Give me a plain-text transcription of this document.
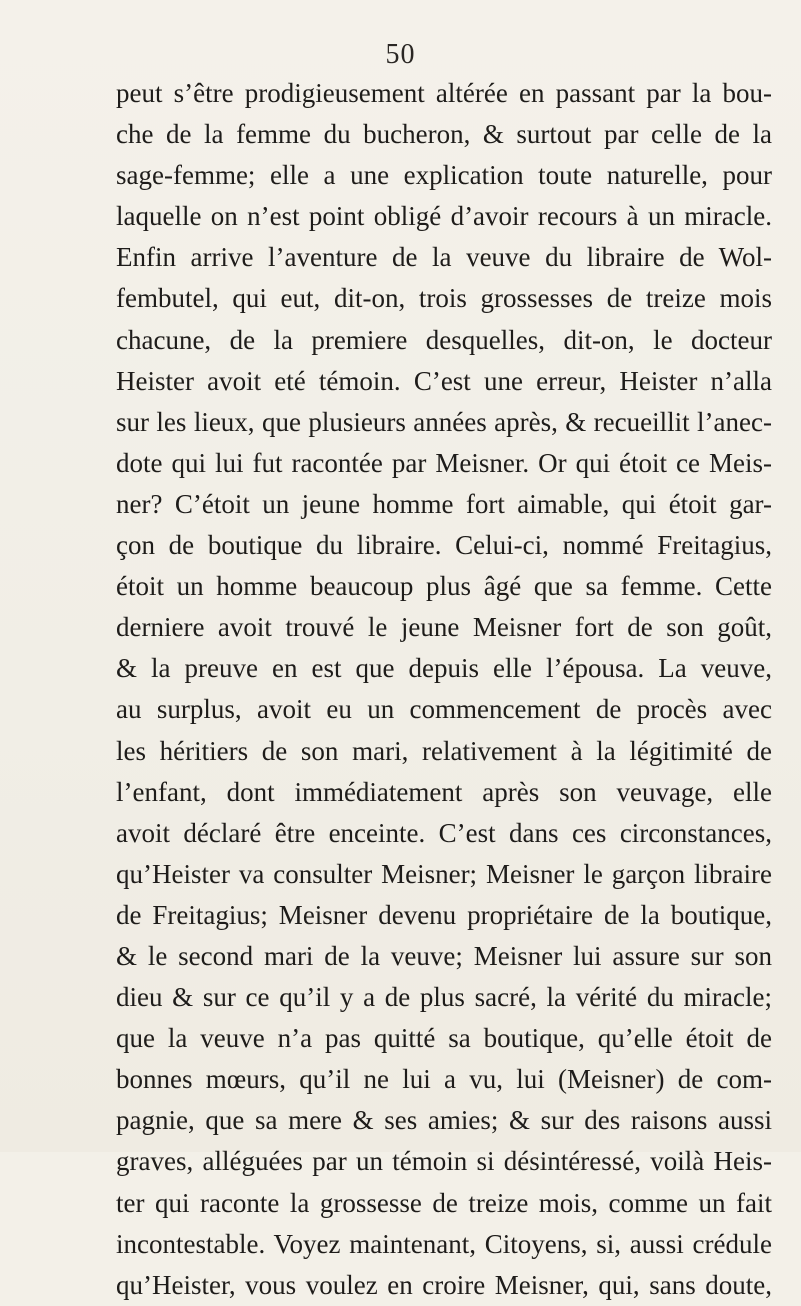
50
peut s’être prodigieusement altérée en passant par la bou-
che de la femme du bucheron, & surtout par celle de la
sage-femme; elle a une explication toute naturelle, pour
laquelle on n’est point obligé d’avoir recours à un miracle.
Enfin arrive l’aventure de la veuve du libraire de Wol-
fembutel, qui eut, dit-on, trois grossesses de treize mois
chacune, de la premiere desquelles, dit-on, le docteur
Heister avoit eté témoin. C’est une erreur, Heister n’alla
sur les lieux, que plusieurs années après, & recueillit l’anec-
dote qui lui fut racontée par Meisner. Or qui étoit ce Meis-
ner? C’étoit un jeune homme fort aimable, qui étoit gar-
çon de boutique du libraire. Celui-ci, nommé Freitagius,
étoit un homme beaucoup plus âgé que sa femme. Cette
derniere avoit trouvé le jeune Meisner fort de son goût,
& la preuve en est que depuis elle l’épousa. La veuve,
au surplus, avoit eu un commencement de procès avec
les héritiers de son mari, relativement à la légitimité de
l’enfant, dont immédiatement après son veuvage, elle
avoit déclaré être enceinte. C’est dans ces circonstances,
qu’Heister va consulter Meisner; Meisner le garçon libraire
de Freitagius; Meisner devenu propriétaire de la boutique,
& le second mari de la veuve; Meisner lui assure sur son
dieu & sur ce qu’il y a de plus sacré, la vérité du miracle;
que la veuve n’a pas quitté sa boutique, qu’elle étoit de
bonnes mœurs, qu’il ne lui a vu, lui (Meisner) de com-
pagnie, que sa mere & ses amies; & sur des raisons aussi
graves, alléguées par un témoin si désintéressé, voilà Heis-
ter qui raconte la grossesse de treize mois, comme un fait
incontestable. Voyez maintenant, Citoyens, si, aussi crédule
qu’Heister, vous voulez en croire Meisner, qui, sans doute,
